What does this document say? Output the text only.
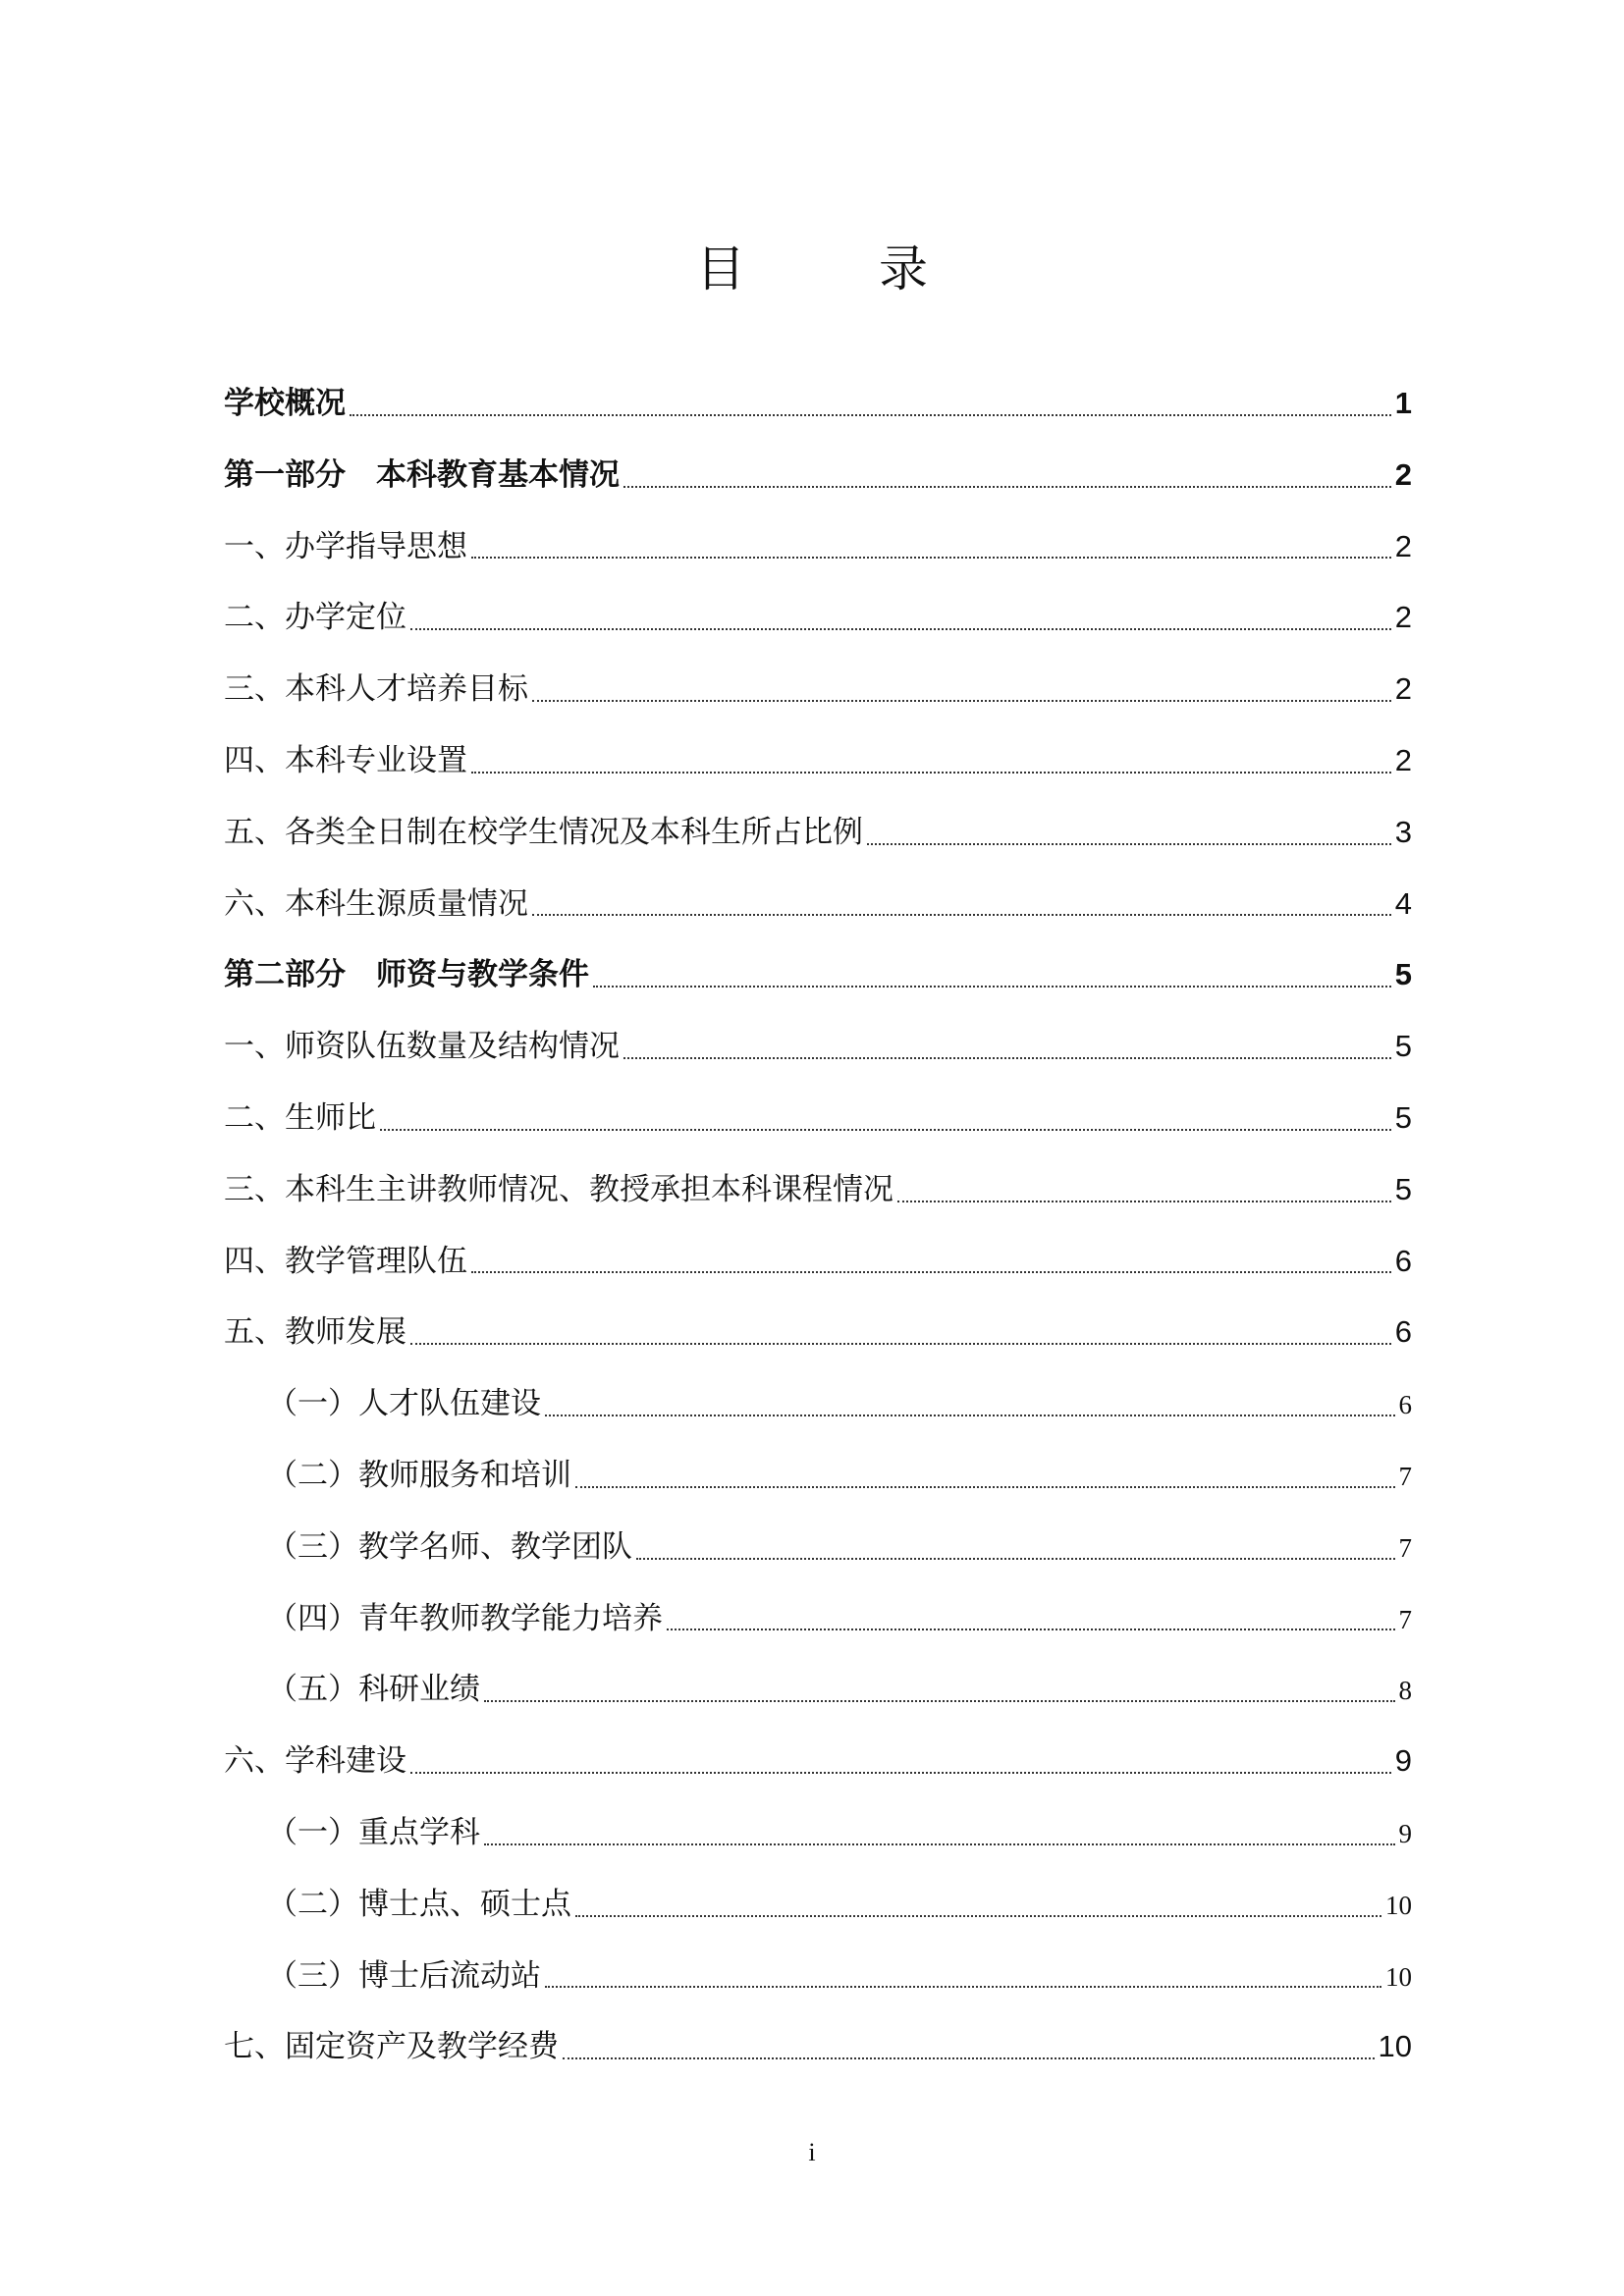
目 录
学校概况	1
第一部分　本科教育基本情况	2
一、办学指导思想	2
二、办学定位	2
三、本科人才培养目标	2
四、本科专业设置	2
五、各类全日制在校学生情况及本科生所占比例	3
六、本科生源质量情况	4
第二部分　师资与教学条件	5
一、师资队伍数量及结构情况	5
二、生师比	5
三、本科生主讲教师情况、教授承担本科课程情况	5
四、教学管理队伍	6
五、教师发展	6
（一）人才队伍建设	6
（二）教师服务和培训	7
（三）教学名师、教学团队	7
（四）青年教师教学能力培养	7
（五）科研业绩	8
六、学科建设	9
（一）重点学科	9
（二）博士点、硕士点	10
（三）博士后流动站	10
七、固定资产及教学经费	10
i
